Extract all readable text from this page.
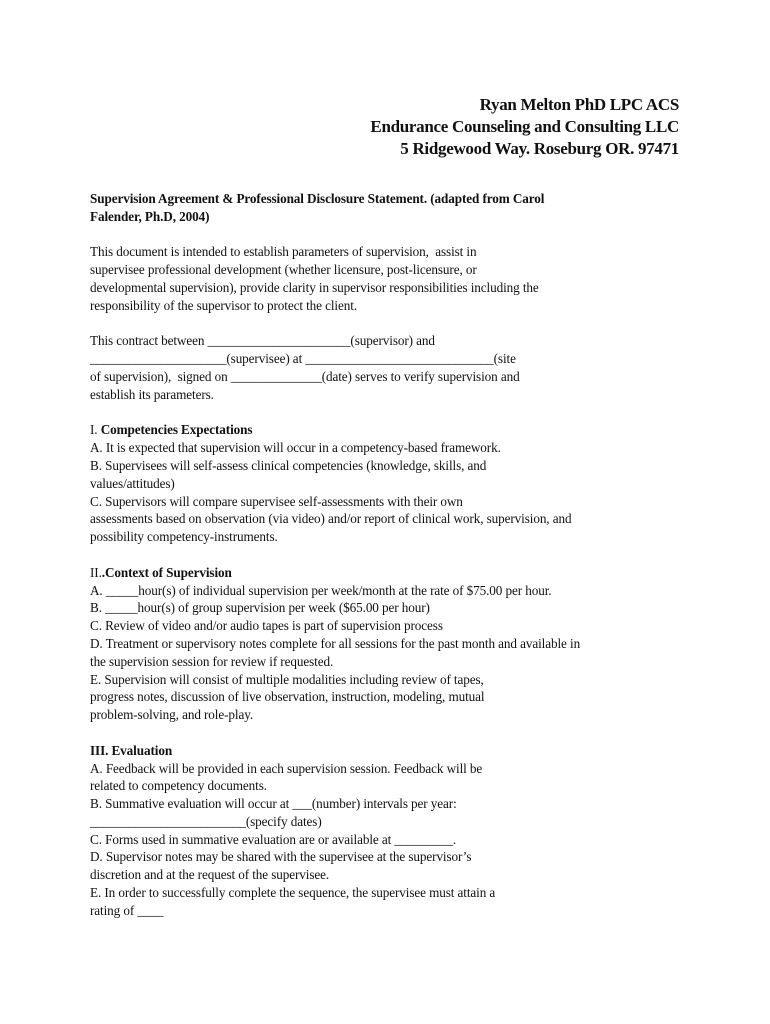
Ryan Melton PhD LPC ACS
Endurance Counseling and Consulting LLC
5 Ridgewood Way. Roseburg OR. 97471
Supervision Agreement & Professional Disclosure Statement. (adapted from Carol
Falender, Ph.D, 2004)
This document is intended to establish parameters of supervision,  assist in
supervisee professional development (whether licensure, post-licensure, or
developmental supervision), provide clarity in supervisor responsibilities including the
responsibility of the supervisor to protect the client.
This contract between ______________________(supervisor) and
_____________________(supervisee) at _____________________________(site
of supervision),  signed on ______________(date) serves to verify supervision and
establish its parameters.
I. Competencies Expectations
A. It is expected that supervision will occur in a competency-based framework.
B. Supervisees will self-assess clinical competencies (knowledge, skills, and
values/attitudes)
C. Supervisors will compare supervisee self-assessments with their own
assessments based on observation (via video) and/or report of clinical work, supervision, and
possibility competency-instruments.
II..Context of Supervision
A. _____hour(s) of individual supervision per week/month at the rate of $75.00 per hour.
B. _____hour(s) of group supervision per week ($65.00 per hour)
C. Review of video and/or audio tapes is part of supervision process
D. Treatment or supervisory notes complete for all sessions for the past month and available in
the supervision session for review if requested.
E. Supervision will consist of multiple modalities including review of tapes,
progress notes, discussion of live observation, instruction, modeling, mutual
problem-solving, and role-play.
III. Evaluation
A. Feedback will be provided in each supervision session. Feedback will be
related to competency documents.
B. Summative evaluation will occur at ___(number) intervals per year:
________________________(specify dates)
C. Forms used in summative evaluation are or available at _________.
D. Supervisor notes may be shared with the supervisee at the supervisor’s
discretion and at the request of the supervisee.
E. In order to successfully complete the sequence, the supervisee must attain a
rating of ____
